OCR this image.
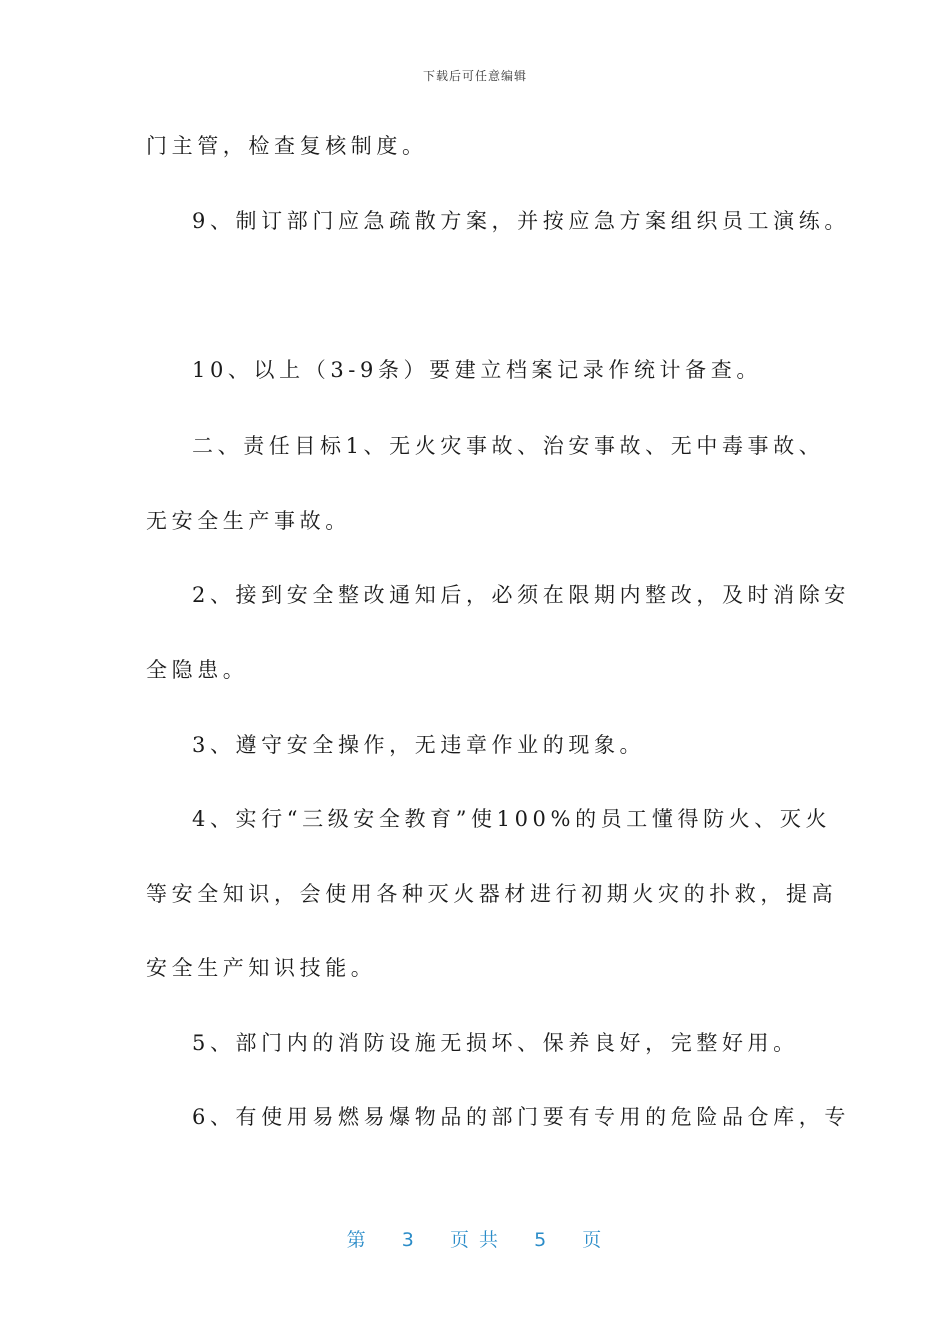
下载后可任意编辑
门主管，检查复核制度。
9、制订部门应急疏散方案，并按应急方案组织员工演练。
10、以上（3-9条）要建立档案记录作统计备查。
二、责任目标1、无火灾事故、治安事故、无中毒事故、
无安全生产事故。
2、接到安全整改通知后，必须在限期内整改，及时消除安
全隐患。
3、遵守安全操作，无违章作业的现象。
4、实行“三级安全教育”使100%的员工懂得防火、灭火
等安全知识，会使用各种灭火器材进行初期火灾的扑救，提高
安全生产知识技能。
5、部门内的消防设施无损坏、保养良好，完整好用。
6、有使用易燃易爆物品的部门要有专用的危险品仓库，专
第 3 页 共 5 页
